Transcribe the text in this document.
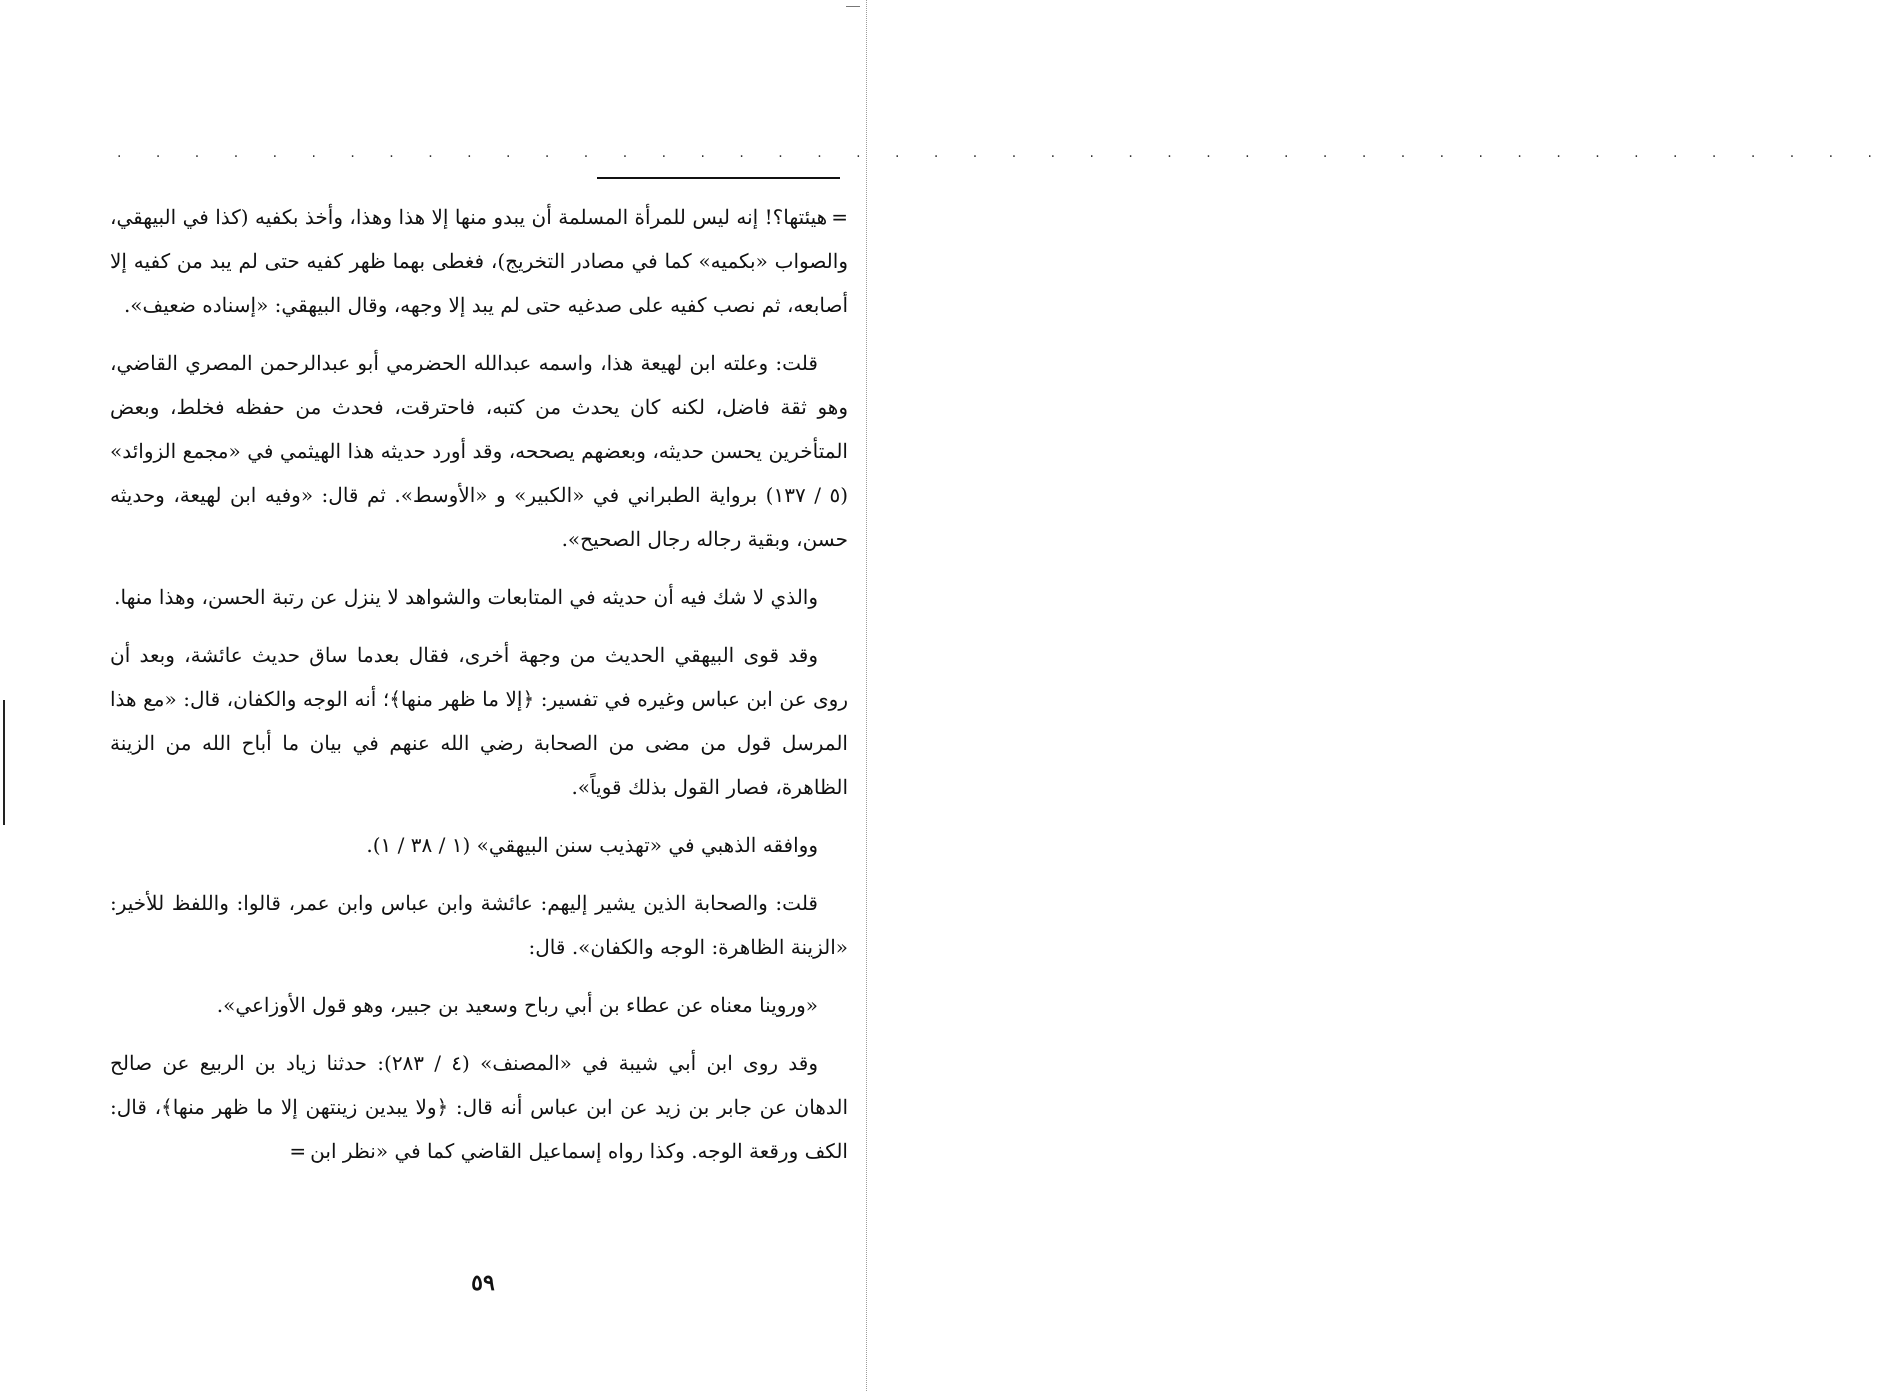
. . . . . . . . . . . . . . . . . . . . . . . . . . . . . . . . . . . . . . . . . . . . . .

=هيئتها؟! إنه ليس للمرأة المسلمة أن يبدو منها إلا هذا وهذا، وأخذ بكفيه (كذا في البيهقي، والصواب «بكميه» كما في مصادر التخريج)، فغطى بهما ظهر كفيه حتى لم يبد من كفيه إلا أصابعه، ثم نصب كفيه على صدغيه حتى لم يبد إلا وجهه، وقال البيهقي: «إسناده ضعيف».

قلت: وعلته ابن لهيعة هذا، واسمه عبدالله الحضرمي أبو عبدالرحمن المصري القاضي، وهو ثقة فاضل، لكنه كان يحدث من كتبه، فاحترقت، فحدث من حفظه فخلط، وبعض المتأخرين يحسن حديثه، وبعضهم يصححه، وقد أورد حديثه هذا الهيثمي في «مجمع الزوائد» (٥ / ١٣٧) برواية الطبراني في «الكبير» و «الأوسط». ثم قال: «وفيه ابن لهيعة، وحديثه حسن، وبقية رجاله رجال الصحيح».

والذي لا شك فيه أن حديثه في المتابعات والشواهد لا ينزل عن رتبة الحسن، وهذا منها.

وقد قوى البيهقي الحديث من وجهة أخرى، فقال بعدما ساق حديث عائشة، وبعد أن روى عن ابن عباس وغيره في تفسير: ﴿إلا ما ظهر منها﴾؛ أنه الوجه والكفان، قال: «مع هذا المرسل قول من مضى من الصحابة رضي الله عنهم في بيان ما أباح الله من الزينة الظاهرة، فصار القول بذلك قوياً».

ووافقه الذهبي في «تهذيب سنن البيهقي» (١ / ٣٨ / ١).

قلت: والصحابة الذين يشير إليهم: عائشة وابن عباس وابن عمر، قالوا: واللفظ للأخير: «الزينة الظاهرة: الوجه والكفان». قال:

«وروينا معناه عن عطاء بن أبي رباح وسعيد بن جبير، وهو قول الأوزاعي».

وقد روى ابن أبي شيبة في «المصنف» (٤ / ٢٨٣): حدثنا زياد بن الربيع عن صالح الدهان عن جابر بن زيد عن ابن عباس أنه قال: ﴿ولا يبدين زينتهن إلا ما ظهر منها﴾، قال: الكف ورقعة الوجه. وكذا رواه إسماعيل القاضي كما في «نظر ابن=

٥٩
